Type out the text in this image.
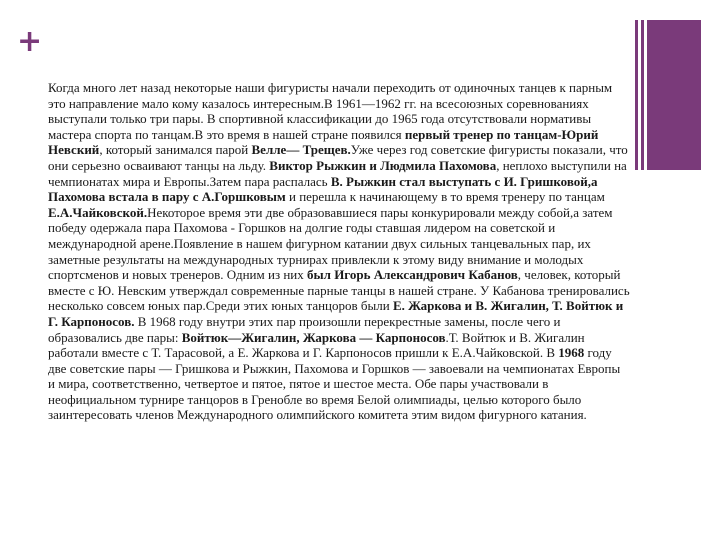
+
Когда много лет назад некоторые наши фигуристы начали переходить от одиночных танцев к парным это направление мало кому казалось интересным.В 1961—1962 гг. на всесоюзных соревнованиях выступали только три пары. В спортивной классификации до 1965 года отсутствовали нормативы мастера спорта по танцам.В это время в нашей стране появился первый тренер по танцам-Юрий Невский, который занимался парой Велле— Трещев.Уже через год советские фигуристы показали, что они серьезно осваивают танцы на льду. Виктор Рыжкин и Людмила Пахомова, неплохо выступили на чемпионатах мира и Европы.Затем пара распалась В. Рыжкин стал выступать с И. Гришковой,а Пахомова встала в пару с А.Горшковым и перешла к начинающему в то время тренеру по танцам Е.А.Чайковской.Некоторое время эти две образовавшиеся пары конкурировали между собой,а затем победу одержала пара Пахомова - Горшков на долгие годы ставшая лидером на советской и международной арене.Появление в нашем фигурном катании двух сильных танцевальных пар, их заметные результаты на международных турнирах привлекли к этому виду внимание и молодых спортсменов и новых тренеров. Одним из них был Игорь Александрович Кабанов, человек, который вместе с Ю. Невским утверждал современные парные танцы в нашей стране. У Кабанова тренировались несколько совсем юных пар.Среди этих юных танцоров были Е. Жаркова и В. Жигалин, Т. Войтюк и Г. Карпоносов. В 1968 году внутри этих пар произошли перекрестные замены, после чего и образовались две пары: Войтюк—Жигалин, Жаркова — Карпоносов.Т. Войтюк и В. Жигалин работали вместе с Т. Тарасовой, а Е. Жаркова и Г. Карпоносов пришли к Е.А.Чайковской. В 1968 году две советские пары — Гришкова и Рыжкин, Пахомова и Горшков — завоевали на чемпионатах Европы и мира, соответственно, четвертое и пятое, пятое и шестое места. Обе пары участвовали в неофициальном турнире танцоров в Гренобле во время Белой олимпиады, целью которого было заинтересовать членов Международного олимпийского комитета этим видом фигурного катания.
